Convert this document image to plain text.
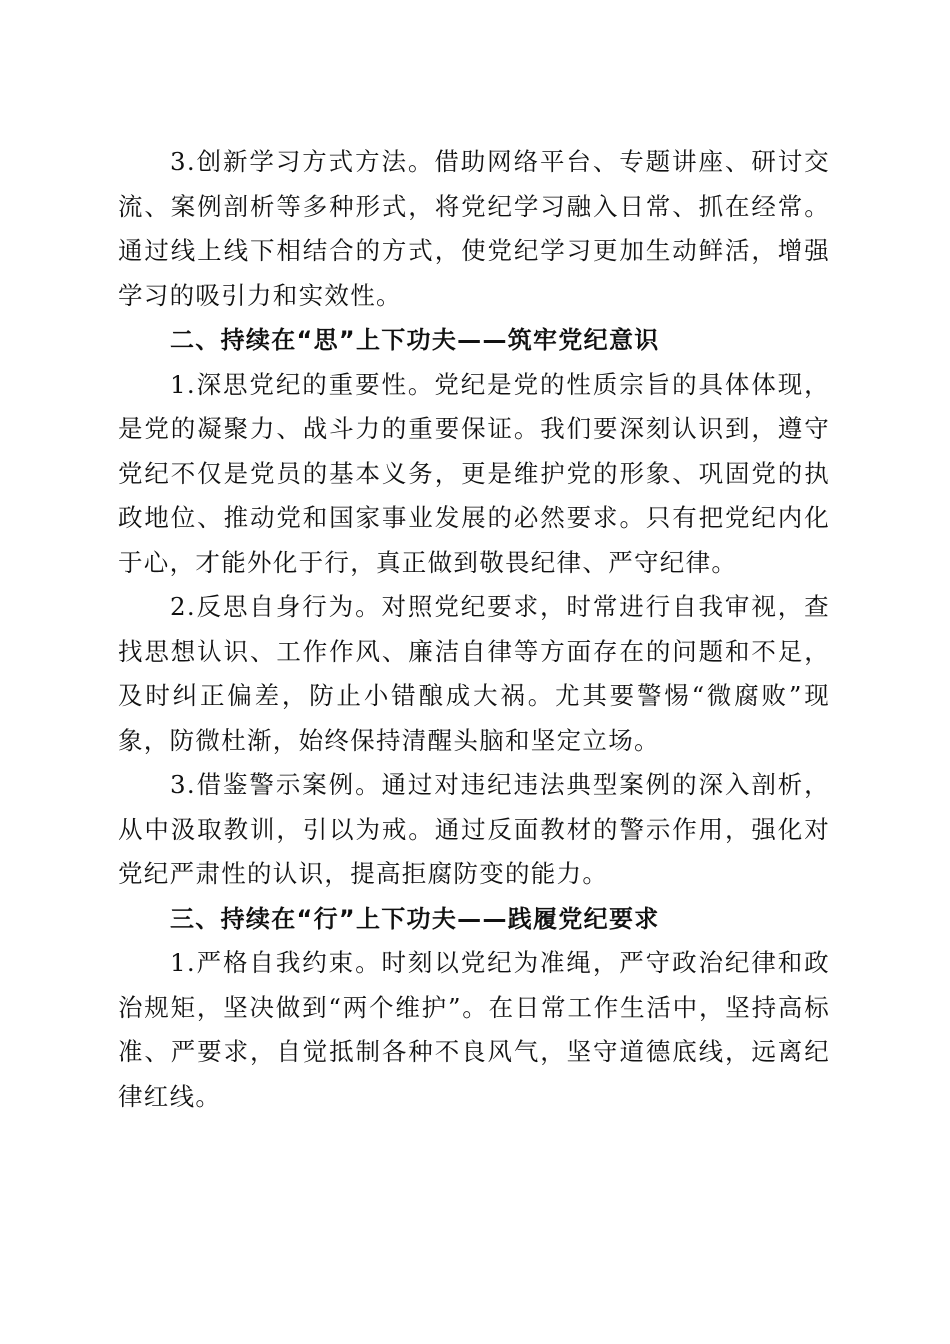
3.创新学习方式方法。借助网络平台、专题讲座、研讨交流、案例剖析等多种形式，将党纪学习融入日常、抓在经常。通过线上线下相结合的方式，使党纪学习更加生动鲜活，增强学习的吸引力和实效性。

二、持续在“思”上下功夫——筑牢党纪意识

1.深思党纪的重要性。党纪是党的性质宗旨的具体体现，是党的凝聚力、战斗力的重要保证。我们要深刻认识到，遵守党纪不仅是党员的基本义务，更是维护党的形象、巩固党的执政地位、推动党和国家事业发展的必然要求。只有把党纪内化于心，才能外化于行，真正做到敬畏纪律、严守纪律。

2.反思自身行为。对照党纪要求，时常进行自我审视，查找思想认识、工作作风、廉洁自律等方面存在的问题和不足，及时纠正偏差，防止小错酿成大祸。尤其要警惕“微腐败”现象，防微杜渐，始终保持清醒头脑和坚定立场。

3.借鉴警示案例。通过对违纪违法典型案例的深入剖析，从中汲取教训，引以为戒。通过反面教材的警示作用，强化对党纪严肃性的认识，提高拒腐防变的能力。

三、持续在“行”上下功夫——践履党纪要求

1.严格自我约束。时刻以党纪为准绳，严守政治纪律和政治规矩，坚决做到“两个维护”。在日常工作生活中，坚持高标准、严要求，自觉抵制各种不良风气，坚守道德底线，远离纪律红线。
